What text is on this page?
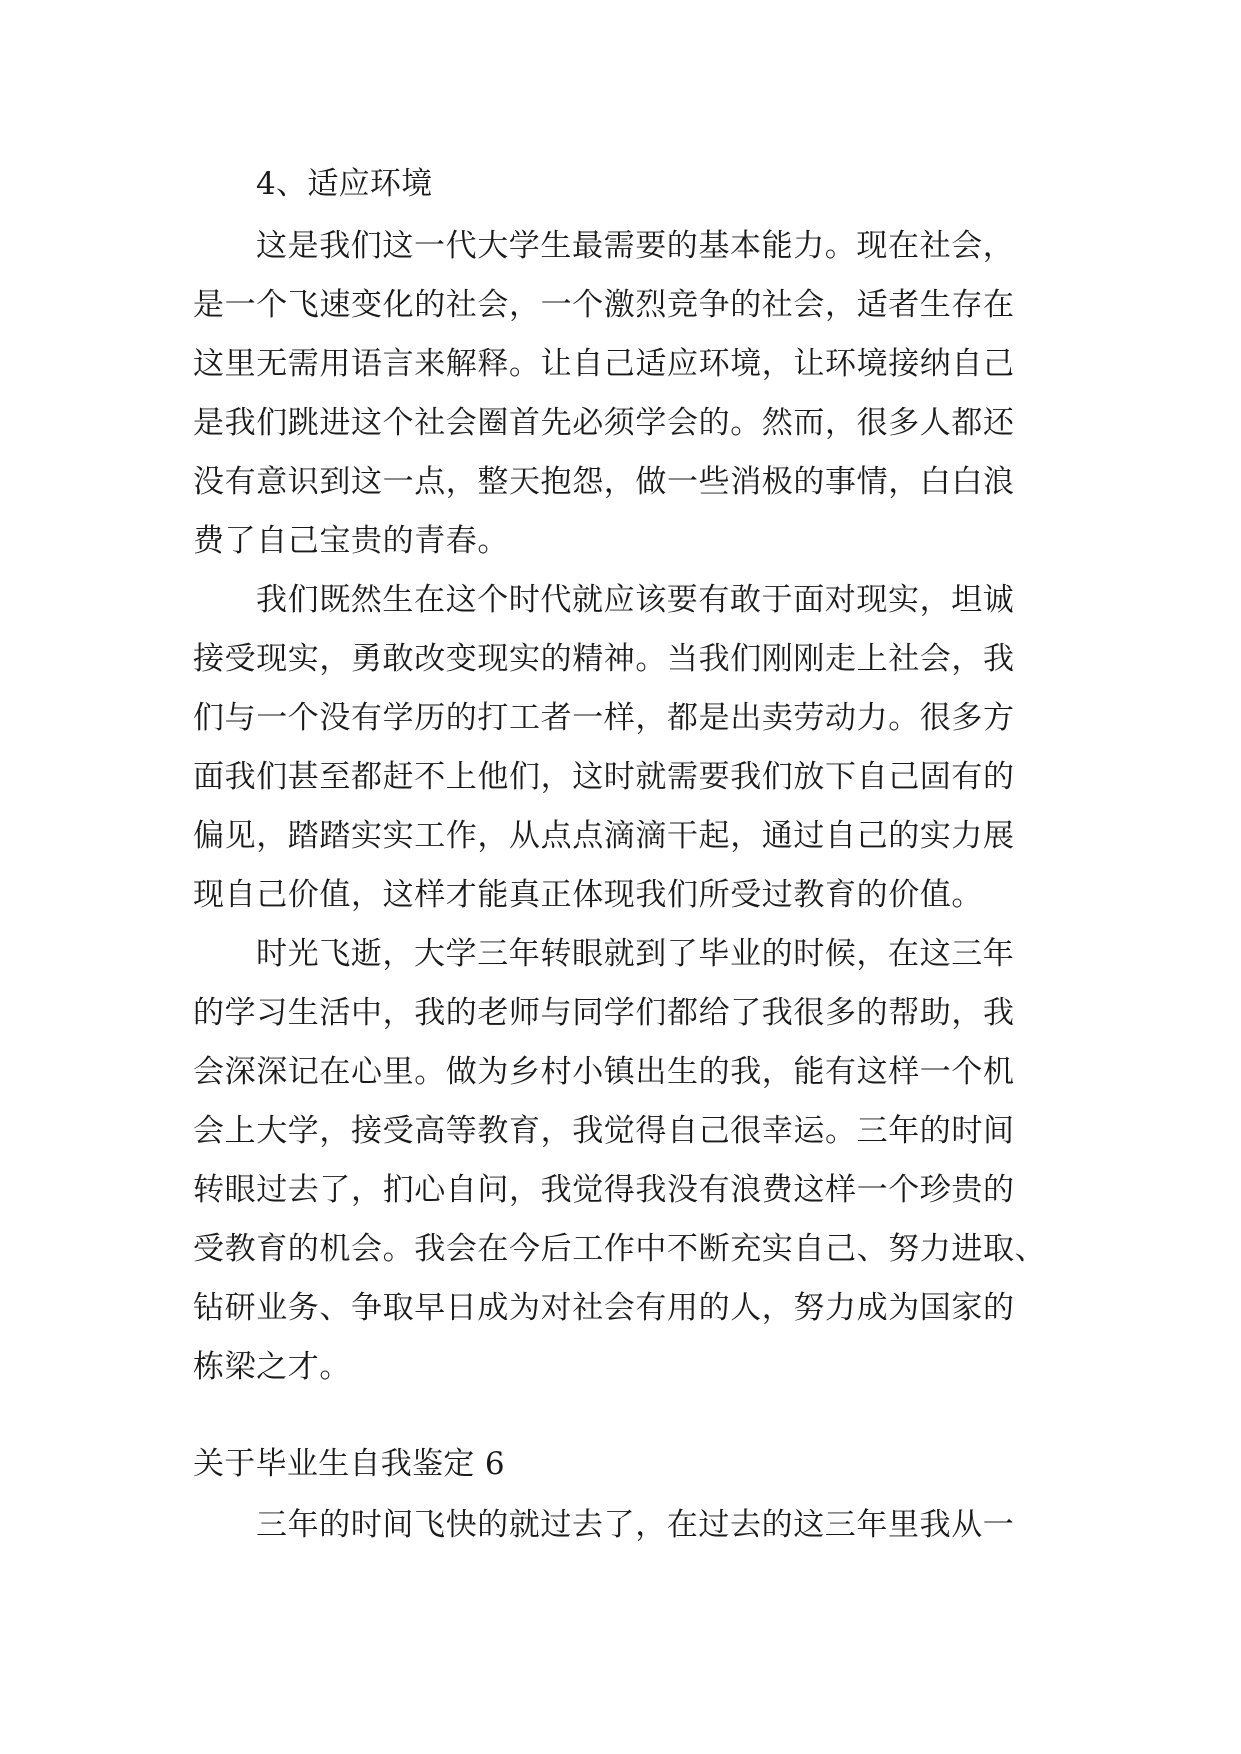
4、适应环境
这是我们这一代大学生最需要的基本能力。现在社会，
是一个飞速变化的社会，一个激烈竞争的社会，适者生存在
这里无需用语言来解释。让自己适应环境，让环境接纳自己
是我们跳进这个社会圈首先必须学会的。然而，很多人都还
没有意识到这一点，整天抱怨，做一些消极的事情，白白浪
费了自己宝贵的青春。
我们既然生在这个时代就应该要有敢于面对现实，坦诚
接受现实，勇敢改变现实的精神。当我们刚刚走上社会，我
们与一个没有学历的打工者一样，都是出卖劳动力。很多方
面我们甚至都赶不上他们，这时就需要我们放下自己固有的
偏见，踏踏实实工作，从点点滴滴干起，通过自己的实力展
现自己价值，这样才能真正体现我们所受过教育的价值。
时光飞逝，大学三年转眼就到了毕业的时候，在这三年
的学习生活中，我的老师与同学们都给了我很多的帮助，我
会深深记在心里。做为乡村小镇出生的我，能有这样一个机
会上大学，接受高等教育，我觉得自己很幸运。三年的时间
转眼过去了，扪心自问，我觉得我没有浪费这样一个珍贵的
受教育的机会。我会在今后工作中不断充实自己、努力进取、
钻研业务、争取早日成为对社会有用的人，努力成为国家的
栋梁之才。
关于毕业生自我鉴定 6
三年的时间飞快的就过去了，在过去的这三年里我从一
